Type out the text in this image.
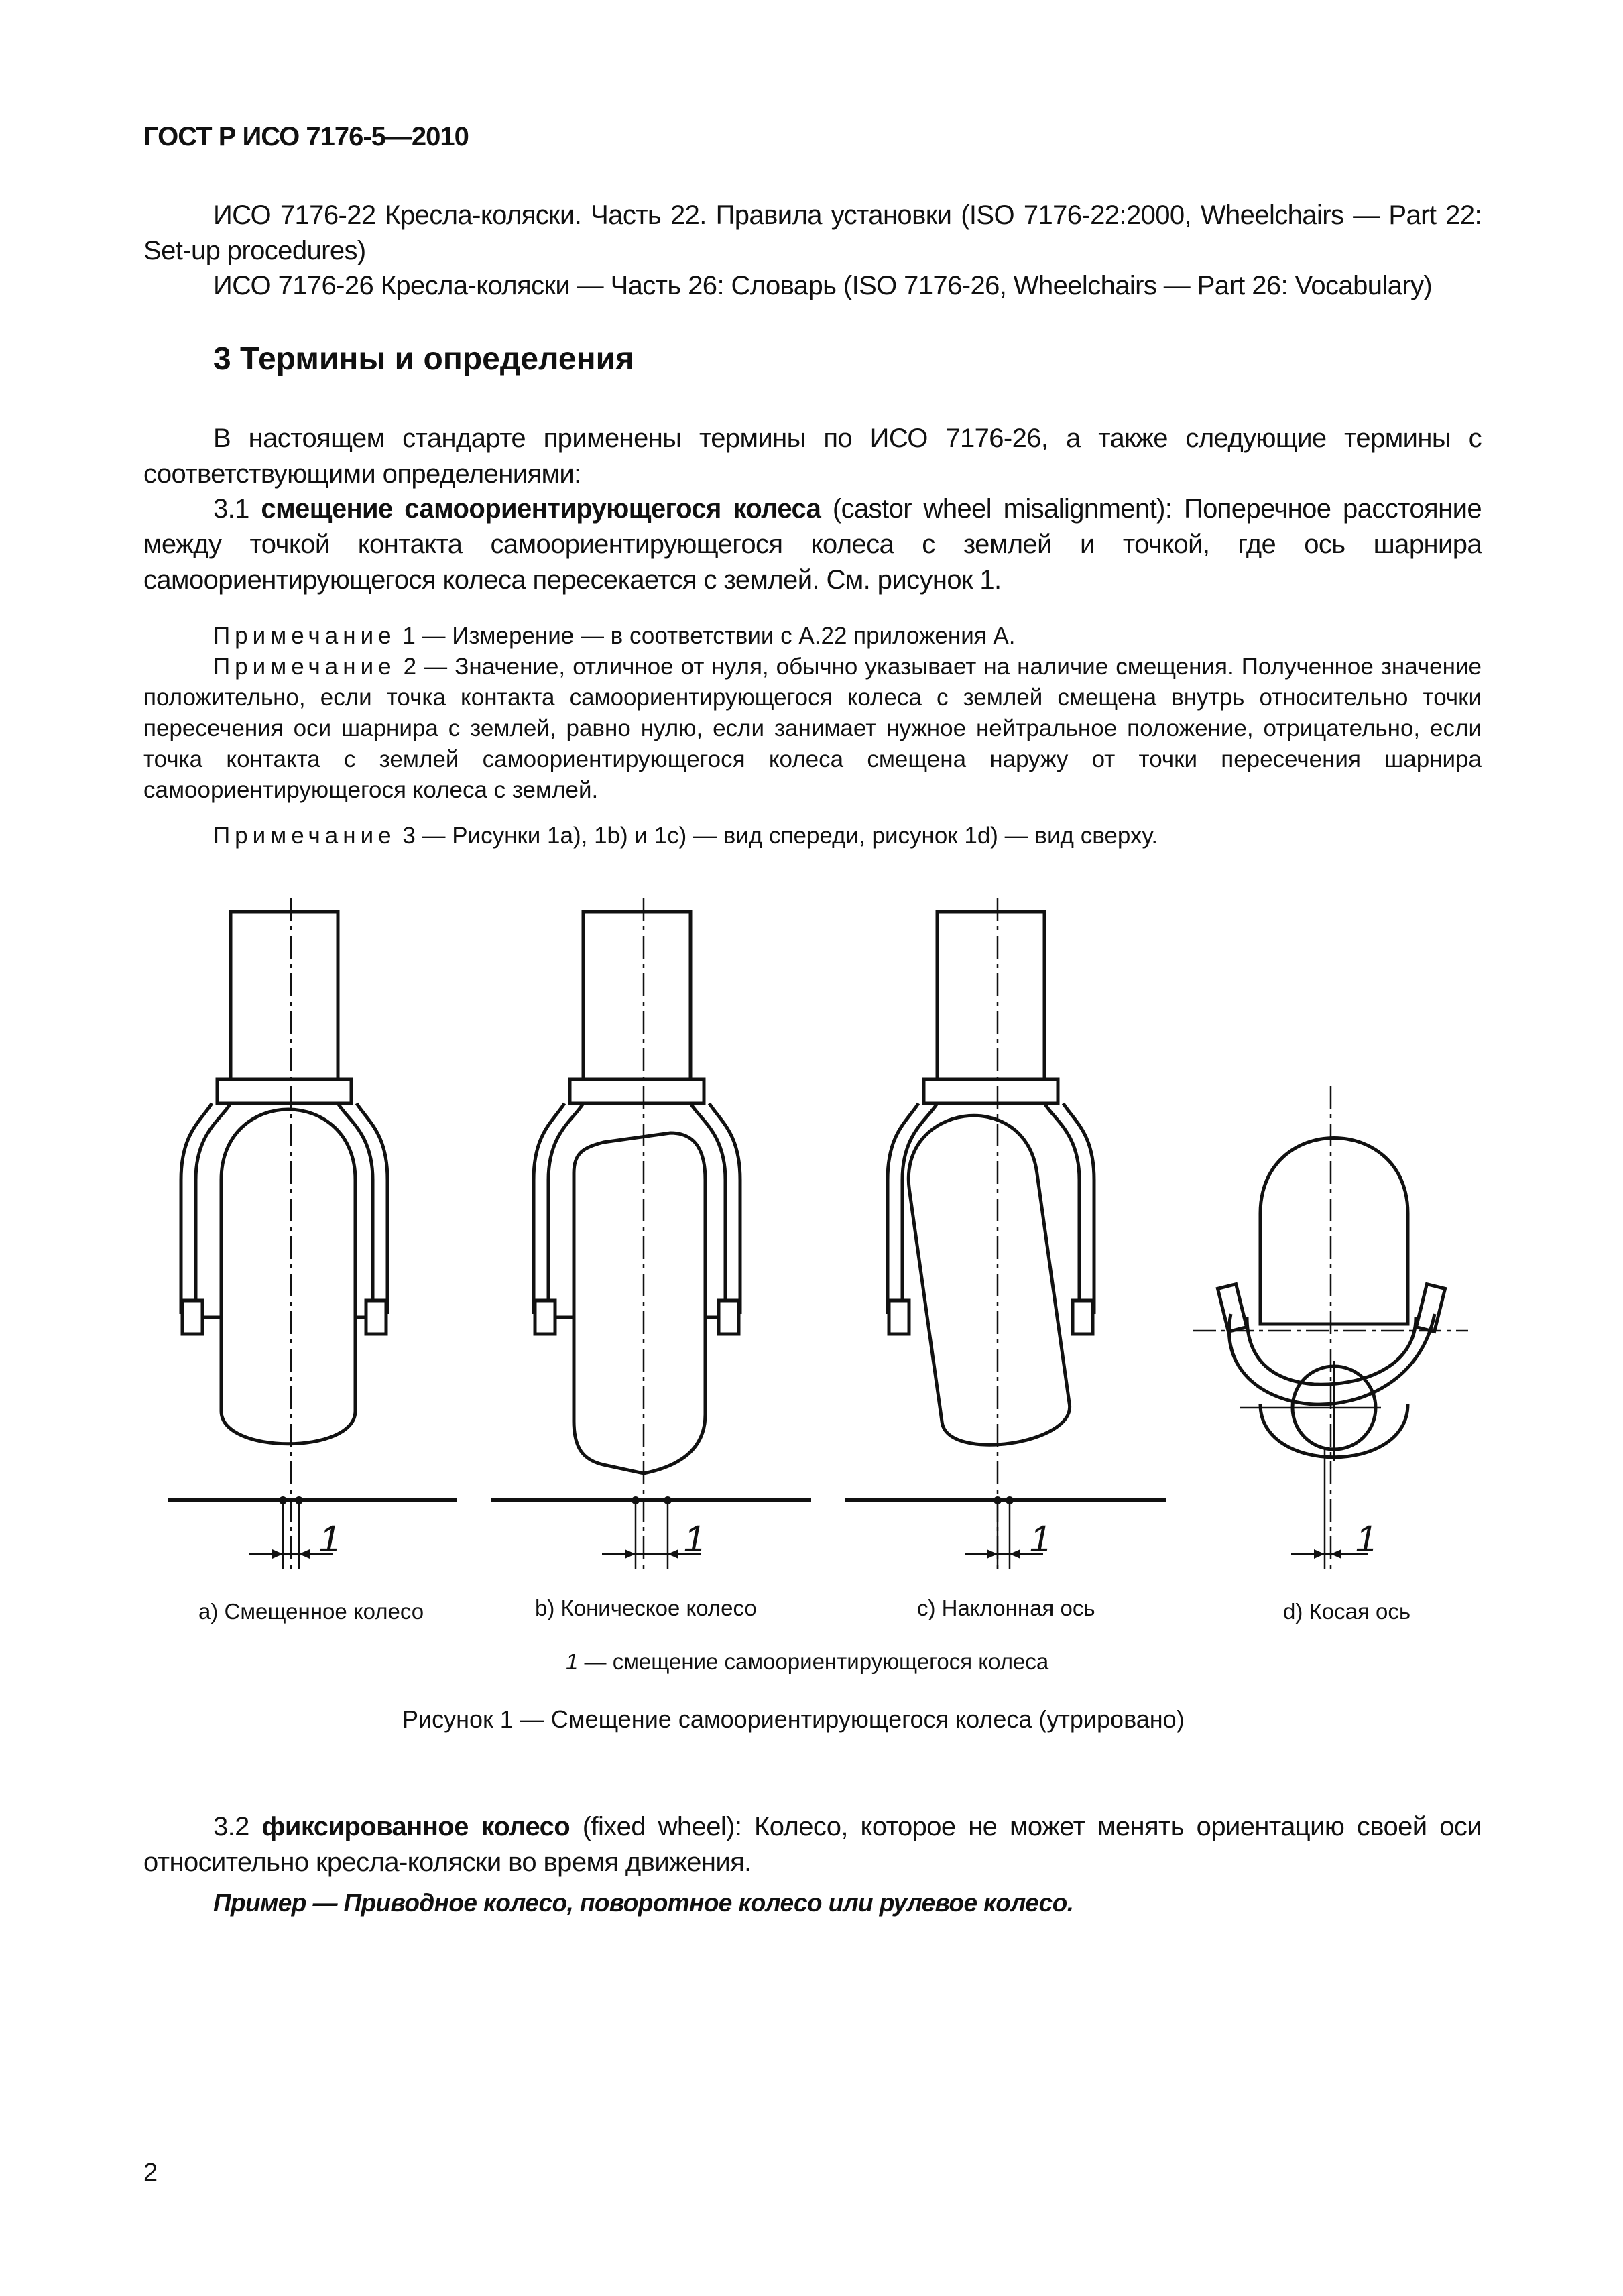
ГОСТ Р ИСО 7176-5—2010
ИСО 7176-22 Кресла-коляски. Часть 22. Правила установки (ISO 7176-22:2000, Wheelchairs — Part 22: Set-up procedures)
ИСО 7176-26 Кресла-коляски — Часть 26: Словарь (ISO 7176-26, Wheelchairs — Part 26: Vocabulary)
3 Термины и определения
В настоящем стандарте применены термины по ИСО 7176-26, а также следующие термины с соответствующими определениями:
3.1 смещение самоориентирующегося колеса (castor wheel misalignment): Поперечное расстояние между точкой контакта самоориентирующегося колеса с землей и точкой, где ось шарнира самоориентирующегося колеса пересекается с землей. См. рисунок 1.
Примечание 1 — Измерение — в соответствии с А.22 приложения А.
Примечание 2 — Значение, отличное от нуля, обычно указывает на наличие смещения. Полученное значение положительно, если точка контакта самоориентирующегося колеса с землей смещена внутрь относительно точки пересечения оси шарнира с землей, равно нулю, если занимает нужное нейтральное положение, отрицательно, если точка контакта с землей самоориентирующегося колеса смещена наружу от точки пересечения шарнира самоориентирующегося колеса с землей.
Примечание 3 — Рисунки 1а), 1b) и 1с) — вид спереди, рисунок 1d) — вид сверху.
1	1	1	1
а) Смещенное колесо	b) Коническое колесо	с) Наклонная ось	d) Косая ось
1 — смещение самоориентирующегося колеса
Рисунок 1 — Смещение самоориентирующегося колеса (утрировано)
3.2 фиксированное колесо (fixed wheel): Колесо, которое не может менять ориентацию своей оси относительно кресла-коляски во время движения.
Пример — Приводное колесо, поворотное колесо или рулевое колесо.
2
